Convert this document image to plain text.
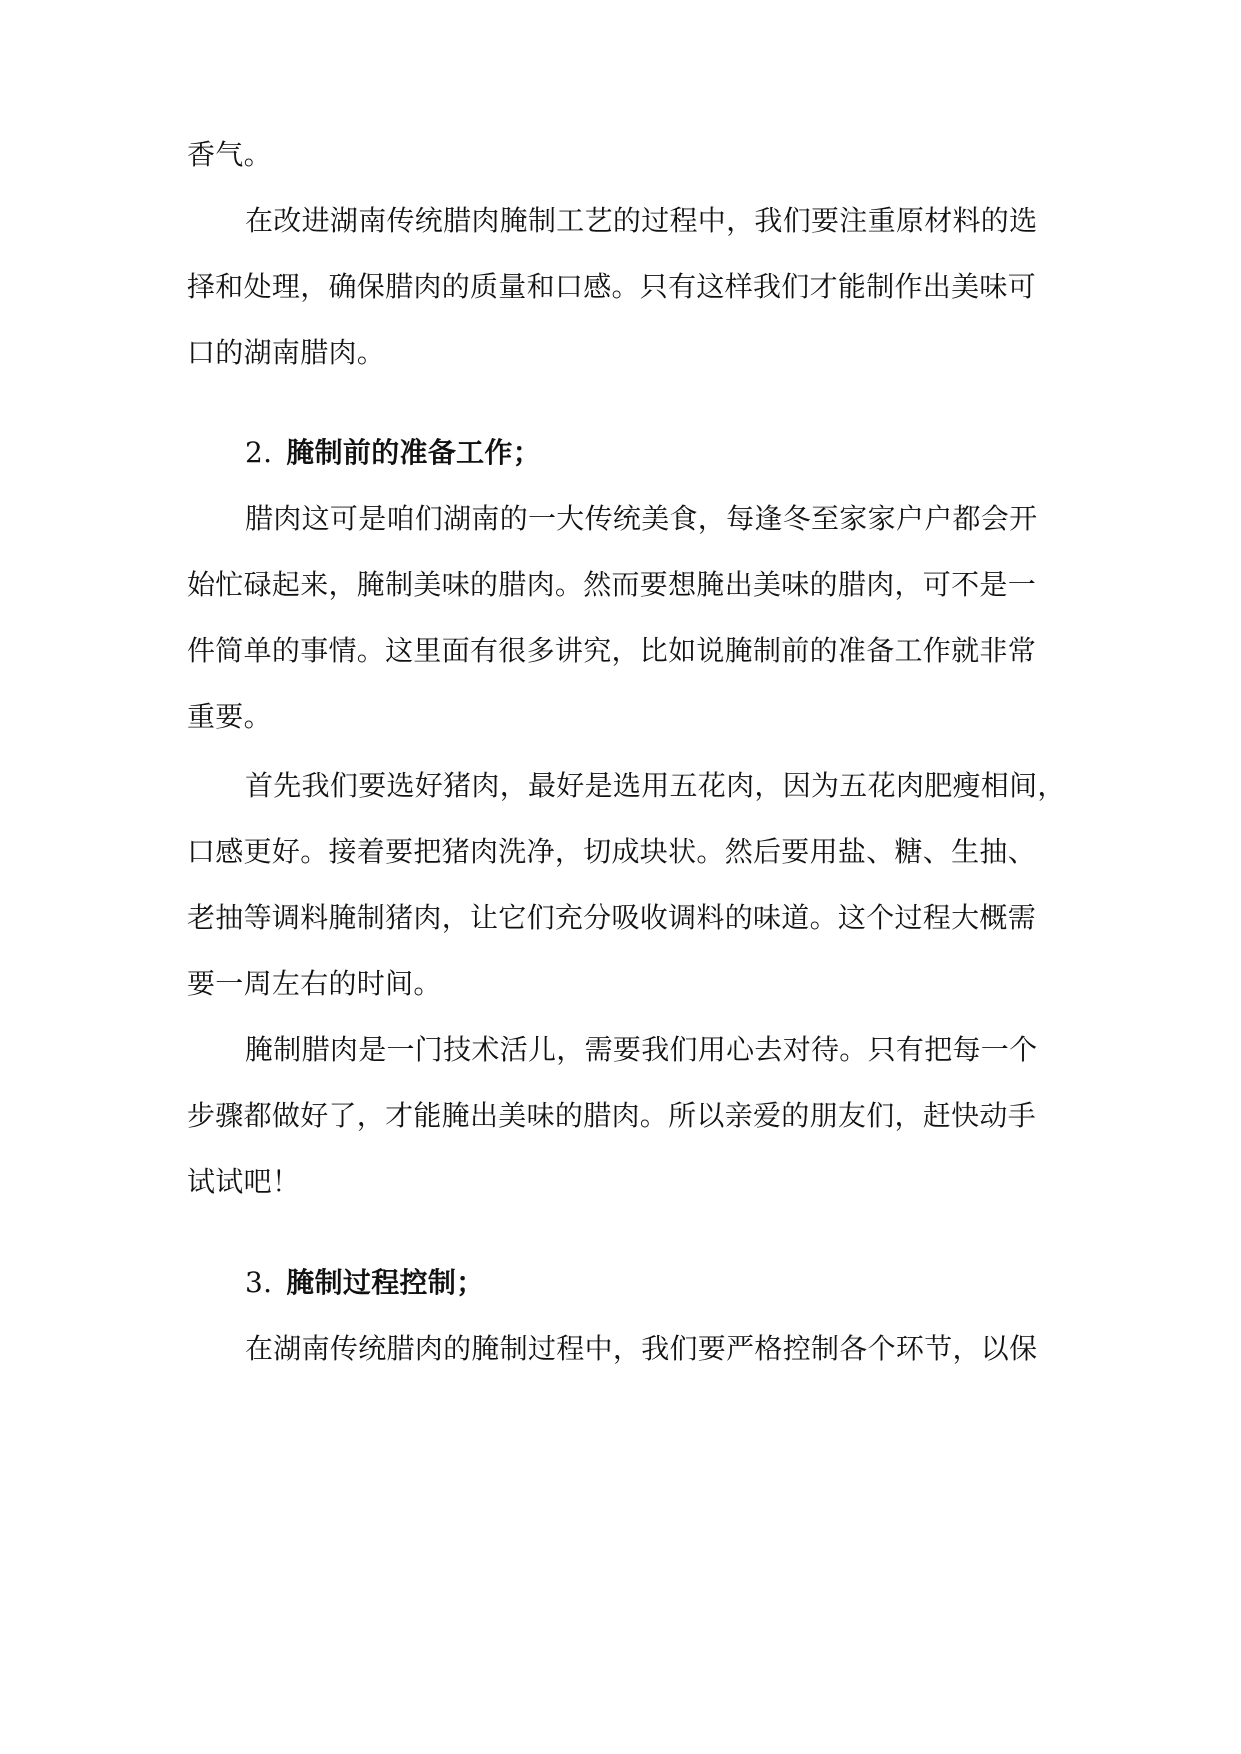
香气。
在改进湖南传统腊肉腌制工艺的过程中，我们要注重原材料的选
择和处理，确保腊肉的质量和口感。只有这样我们才能制作出美味可
口的湖南腊肉。
2. 腌制前的准备工作；
腊肉这可是咱们湖南的一大传统美食，每逢冬至家家户户都会开
始忙碌起来，腌制美味的腊肉。然而要想腌出美味的腊肉，可不是一
件简单的事情。这里面有很多讲究，比如说腌制前的准备工作就非常
重要。
首先我们要选好猪肉，最好是选用五花肉，因为五花肉肥瘦相间，
口感更好。接着要把猪肉洗净，切成块状。然后要用盐、糖、生抽、
老抽等调料腌制猪肉，让它们充分吸收调料的味道。这个过程大概需
要一周左右的时间。
腌制腊肉是一门技术活儿，需要我们用心去对待。只有把每一个
步骤都做好了，才能腌出美味的腊肉。所以亲爱的朋友们，赶快动手
试试吧！
3. 腌制过程控制；
在湖南传统腊肉的腌制过程中，我们要严格控制各个环节，以保
